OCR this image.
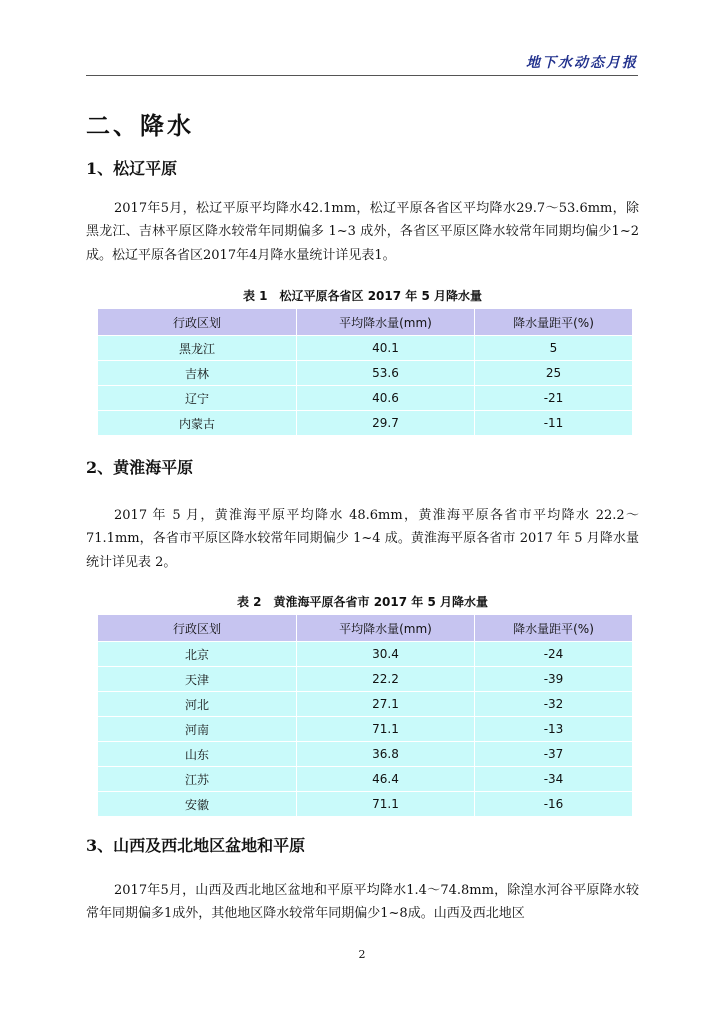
地下水动态月报
二、降水
1、松辽平原
2017年5月，松辽平原平均降水42.1mm，松辽平原各省区平均降水29.7～53.6mm，除黑龙江、吉林平原区降水较常年同期偏多 1~3 成外，各省区平原区降水较常年同期均偏少1~2成。松辽平原各省区2017年4月降水量统计详见表1。
表 1　松辽平原各省区 2017 年 5 月降水量
行政区划	平均降水量(mm)	降水量距平(%)
黑龙江	40.1	5
吉林	53.6	25
辽宁	40.6	-21
内蒙古	29.7	-11
2、黄淮海平原
2017 年 5 月，黄淮海平原平均降水 48.6mm，黄淮海平原各省市平均降水 22.2～71.1mm，各省市平原区降水较常年同期偏少 1~4 成。黄淮海平原各省市 2017 年 5 月降水量统计详见表 2。
表 2　黄淮海平原各省市 2017 年 5 月降水量
行政区划	平均降水量(mm)	降水量距平(%)
北京	30.4	-24
天津	22.2	-39
河北	27.1	-32
河南	71.1	-13
山东	36.8	-37
江苏	46.4	-34
安徽	71.1	-16
3、山西及西北地区盆地和平原
2017年5月，山西及西北地区盆地和平原平均降水1.4～74.8mm，除湟水河谷平原降水较常年同期偏多1成外，其他地区降水较常年同期偏少1~8成。山西及西北地区
2
